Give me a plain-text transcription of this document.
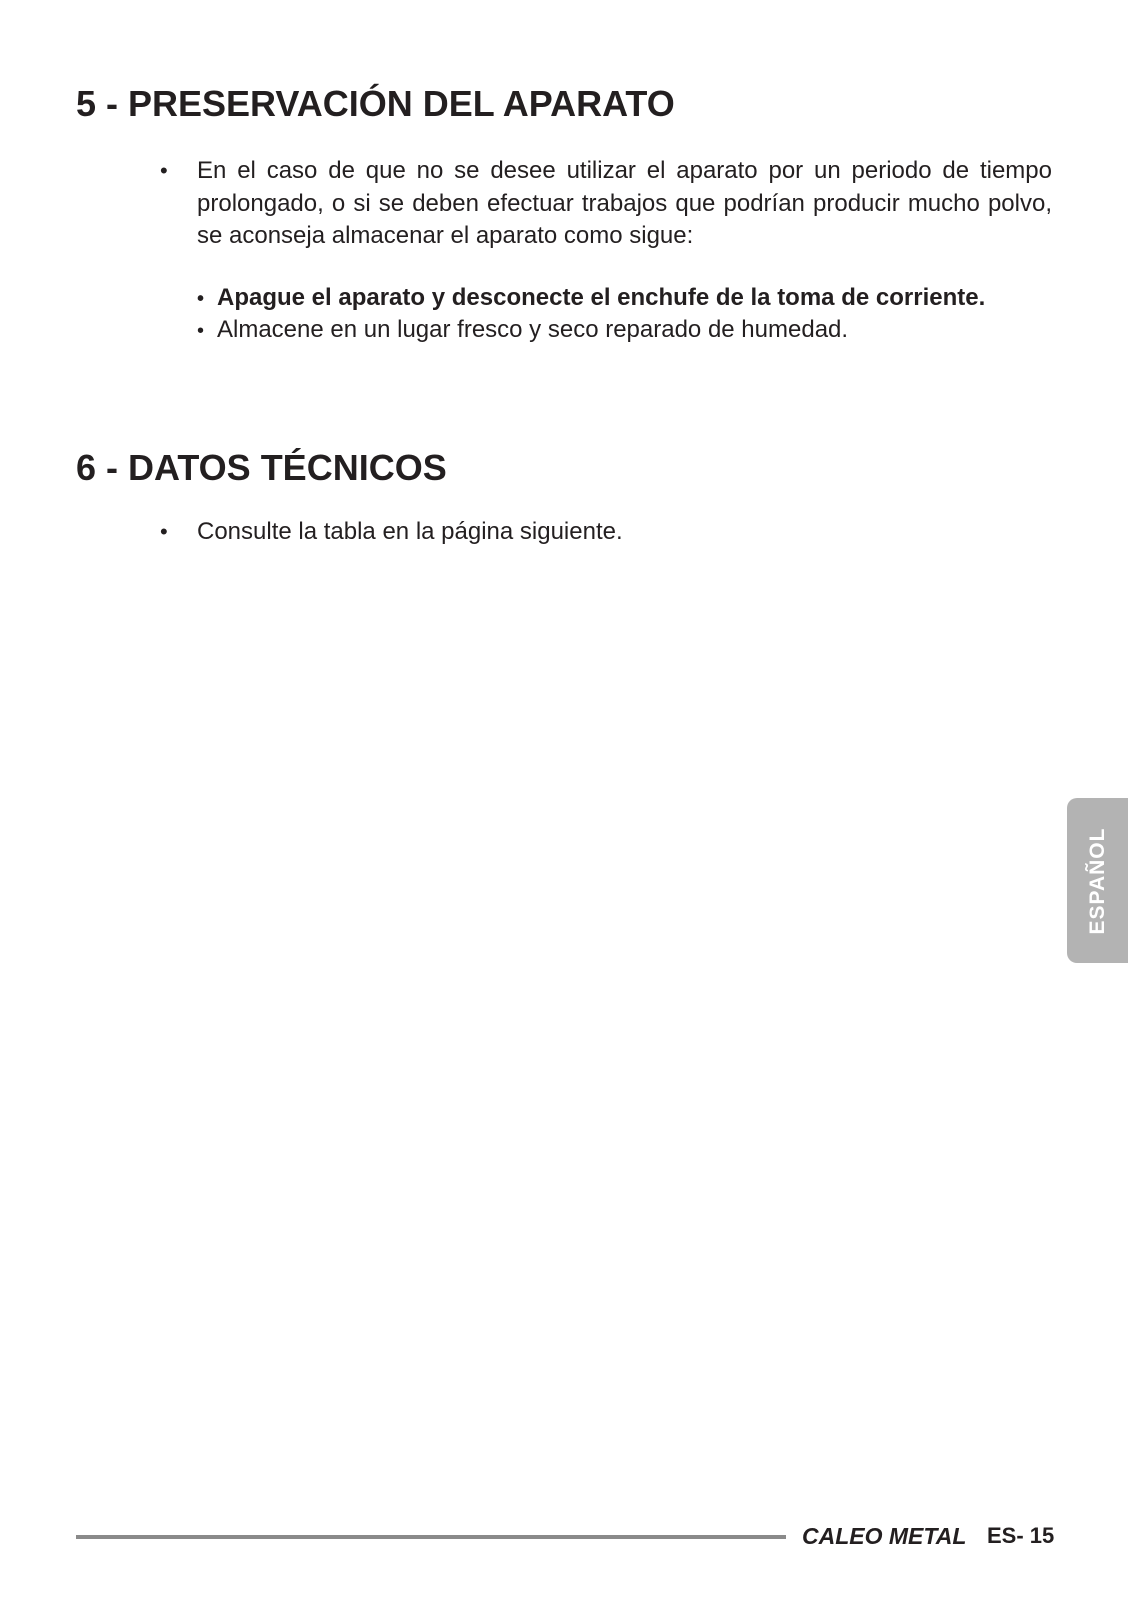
5 - PRESERVACIÓN DEL APARATO
• En el caso de que no se desee utilizar el aparato por un periodo de tiempo prolongado, o si se deben efectuar trabajos que podrían producir mucho polvo, se aconseja almacenar el aparato como sigue:

• Apague el aparato y desconecte el enchufe de la toma de corriente.
• Almacene en un lugar fresco y seco reparado de humedad.
6 - DATOS TÉCNICOS
• Consulte la tabla en la página siguiente.

ESPAÑOL
CALEO METAL ES- 15
